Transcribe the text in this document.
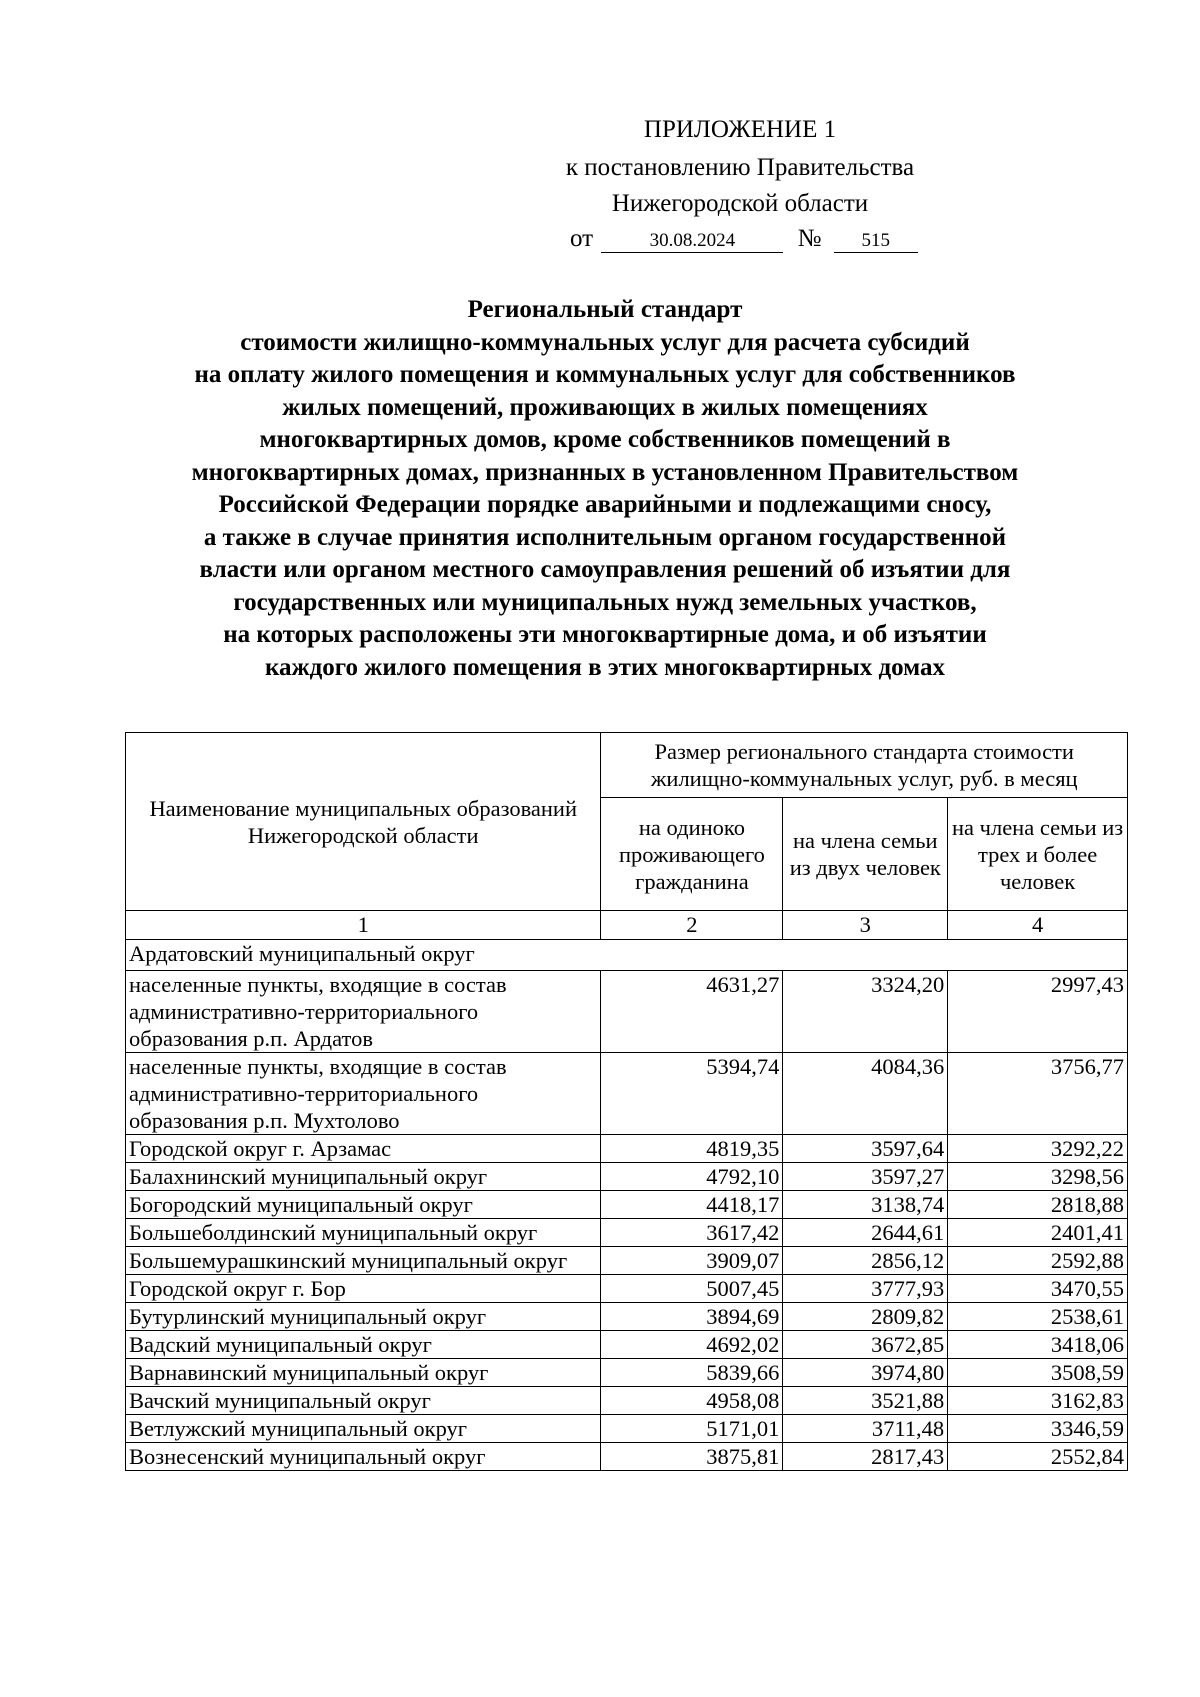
ПРИЛОЖЕНИЕ 1
к постановлению Правительства
Нижегородской области
от	30.08.2024	№ 515
Региональный стандарт
стоимости жилищно-коммунальных услуг для расчета субсидий
на оплату жилого помещения и коммунальных услуг для собственников
жилых помещений, проживающих в жилых помещениях
многоквартирных домов, кроме собственников помещений в
многоквартирных домах, признанных в установленном Правительством
Российской Федерации порядке аварийными и подлежащими сносу,
а также в случае принятия исполнительным органом государственной
власти или органом местного самоуправления решений об изъятии для
государственных или муниципальных нужд земельных участков,
на которых расположены эти многоквартирные дома, и об изъятии
каждого жилого помещения в этих многоквартирных домах
Наименование муниципальных образований Нижегородской области	Размер регионального стандарта стоимости жилищно-коммунальных услуг, руб. в месяц		
	на одиноко проживающего гражданина	на члена семьи из двух человек	на члена семьи из трех и более человек
1	2	3	4
Ардатовский муниципальный округ			
населенные пункты, входящие в состав административно-территориального образования р.п. Ардатов	4631,27	3324,20	2997,43
населенные пункты, входящие в состав административно-территориального образования р.п. Мухтолово	5394,74	4084,36	3756,77
Городской округ г. Арзамас	4819,35	3597,64	3292,22
Балахнинский муниципальный округ	4792,10	3597,27	3298,56
Богородский муниципальный округ	4418,17	3138,74	2818,88
Большеболдинский муниципальный округ	3617,42	2644,61	2401,41
Большемурашкинский муниципальный округ	3909,07	2856,12	2592,88
Городской округ г. Бор	5007,45	3777,93	3470,55
Бутурлинский муниципальный округ	3894,69	2809,82	2538,61
Вадский муниципальный округ	4692,02	3672,85	3418,06
Варнавинский муниципальный округ	5839,66	3974,80	3508,59
Вачский муниципальный округ	4958,08	3521,88	3162,83
Ветлужский муниципальный округ	5171,01	3711,48	3346,59
Вознесенский муниципальный округ	3875,81	2817,43	2552,84
